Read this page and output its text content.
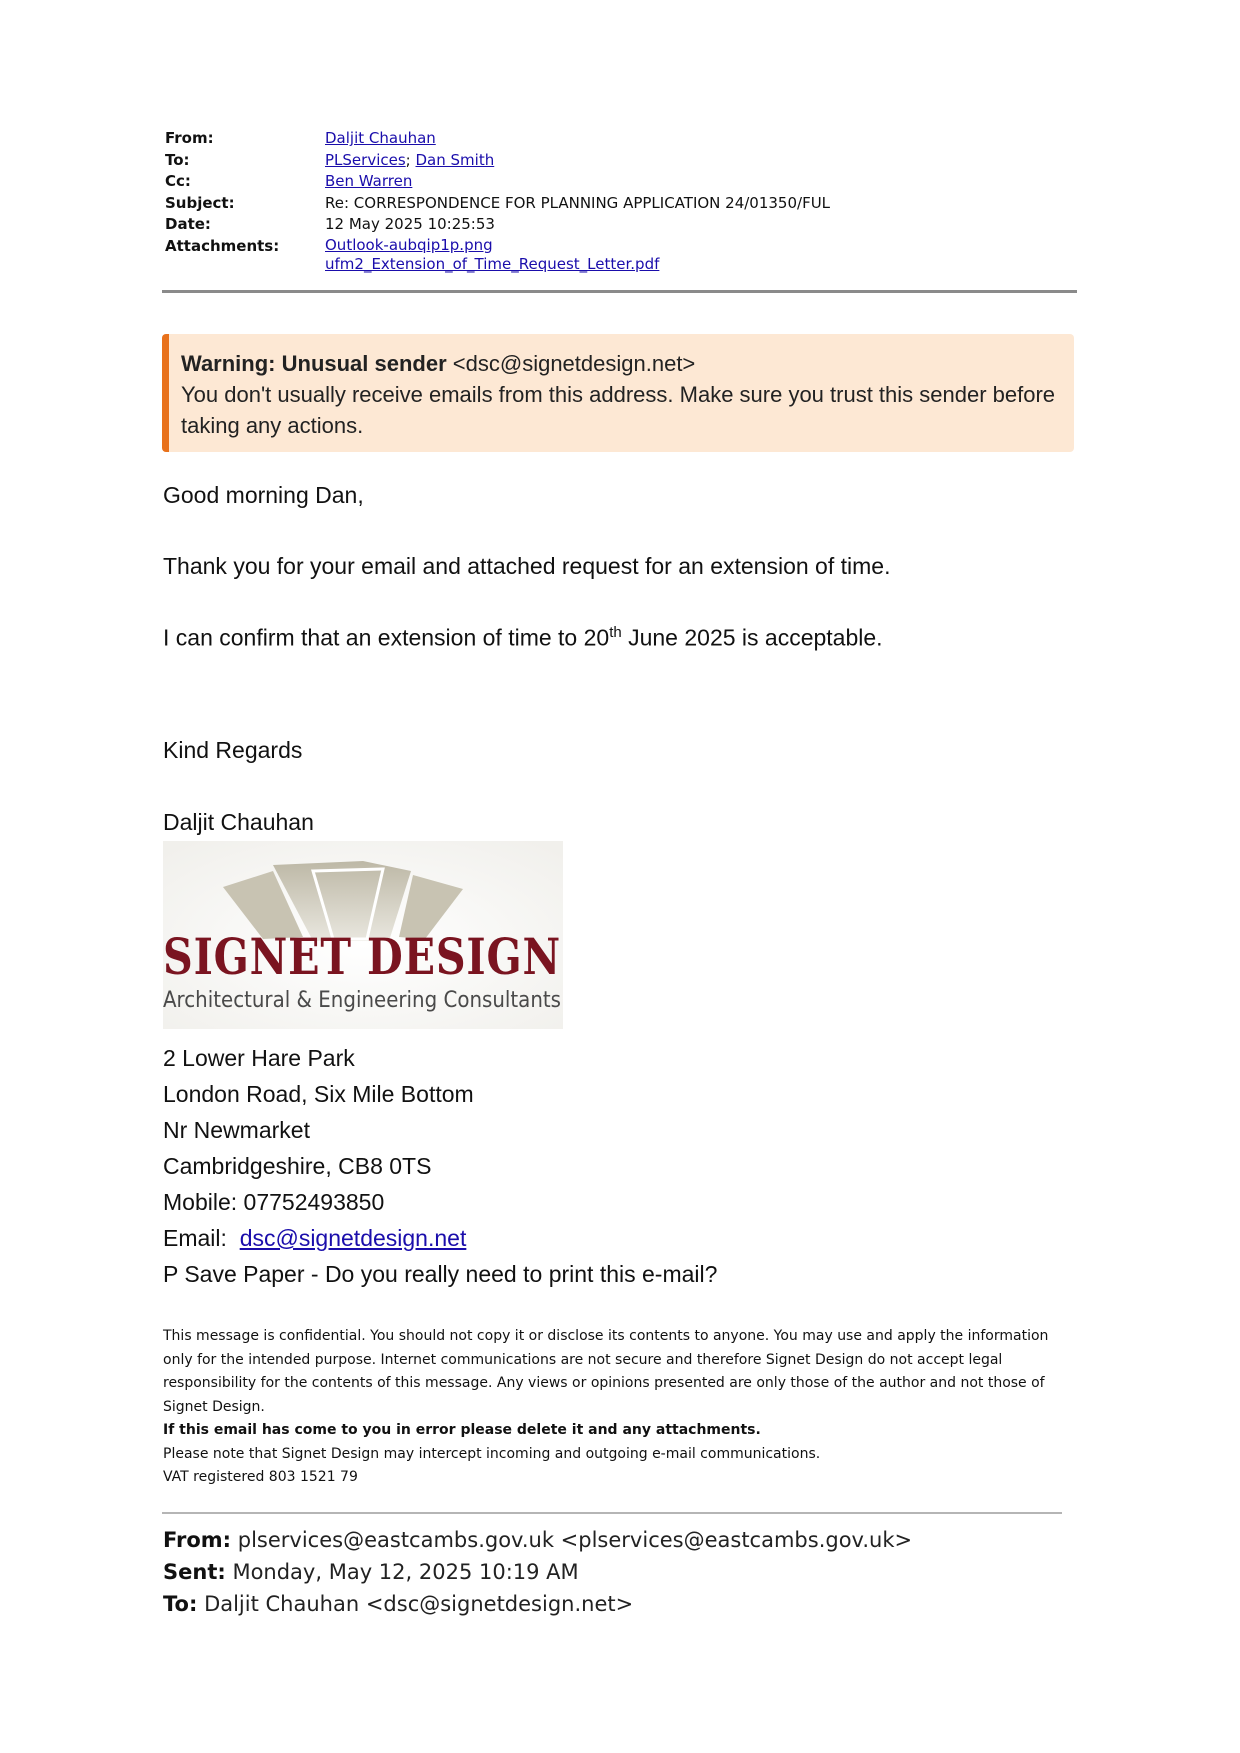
From:	Daljit Chauhan
To:	PLServices; Dan Smith
Cc:	Ben Warren
Subject:	Re: CORRESPONDENCE FOR PLANNING APPLICATION 24/01350/FUL
Date:	12 May 2025 10:25:53
Attachments:	Outlook-aubqip1p.png
ufm2_Extension_of_Time_Request_Letter.pdf
Warning: Unusual sender <dsc@signetdesign.net>
You don't usually receive emails from this address. Make sure you trust this sender before taking any actions.
Good morning Dan,
Thank you for your email and attached request for an extension of time.
I can confirm that an extension of time to 20th June 2025 is acceptable.
Kind Regards
Daljit Chauhan
SIGNET DESIGN
Architectural & Engineering Consultants
2 Lower Hare Park
London Road, Six Mile Bottom
Nr Newmarket
Cambridgeshire, CB8 0TS
Mobile: 07752493850
Email: dsc@signetdesign.net
P Save Paper - Do you really need to print this e-mail?
This message is confidential. You should not copy it or disclose its contents to anyone. You may use and apply the information only for the intended purpose. Internet communications are not secure and therefore Signet Design do not accept legal responsibility for the contents of this message. Any views or opinions presented are only those of the author and not those of Signet Design.
If this email has come to you in error please delete it and any attachments.
Please note that Signet Design may intercept incoming and outgoing e-mail communications.
VAT registered 803 1521 79
From: plservices@eastcambs.gov.uk <plservices@eastcambs.gov.uk>
Sent: Monday, May 12, 2025 10:19 AM
To: Daljit Chauhan <dsc@signetdesign.net>
